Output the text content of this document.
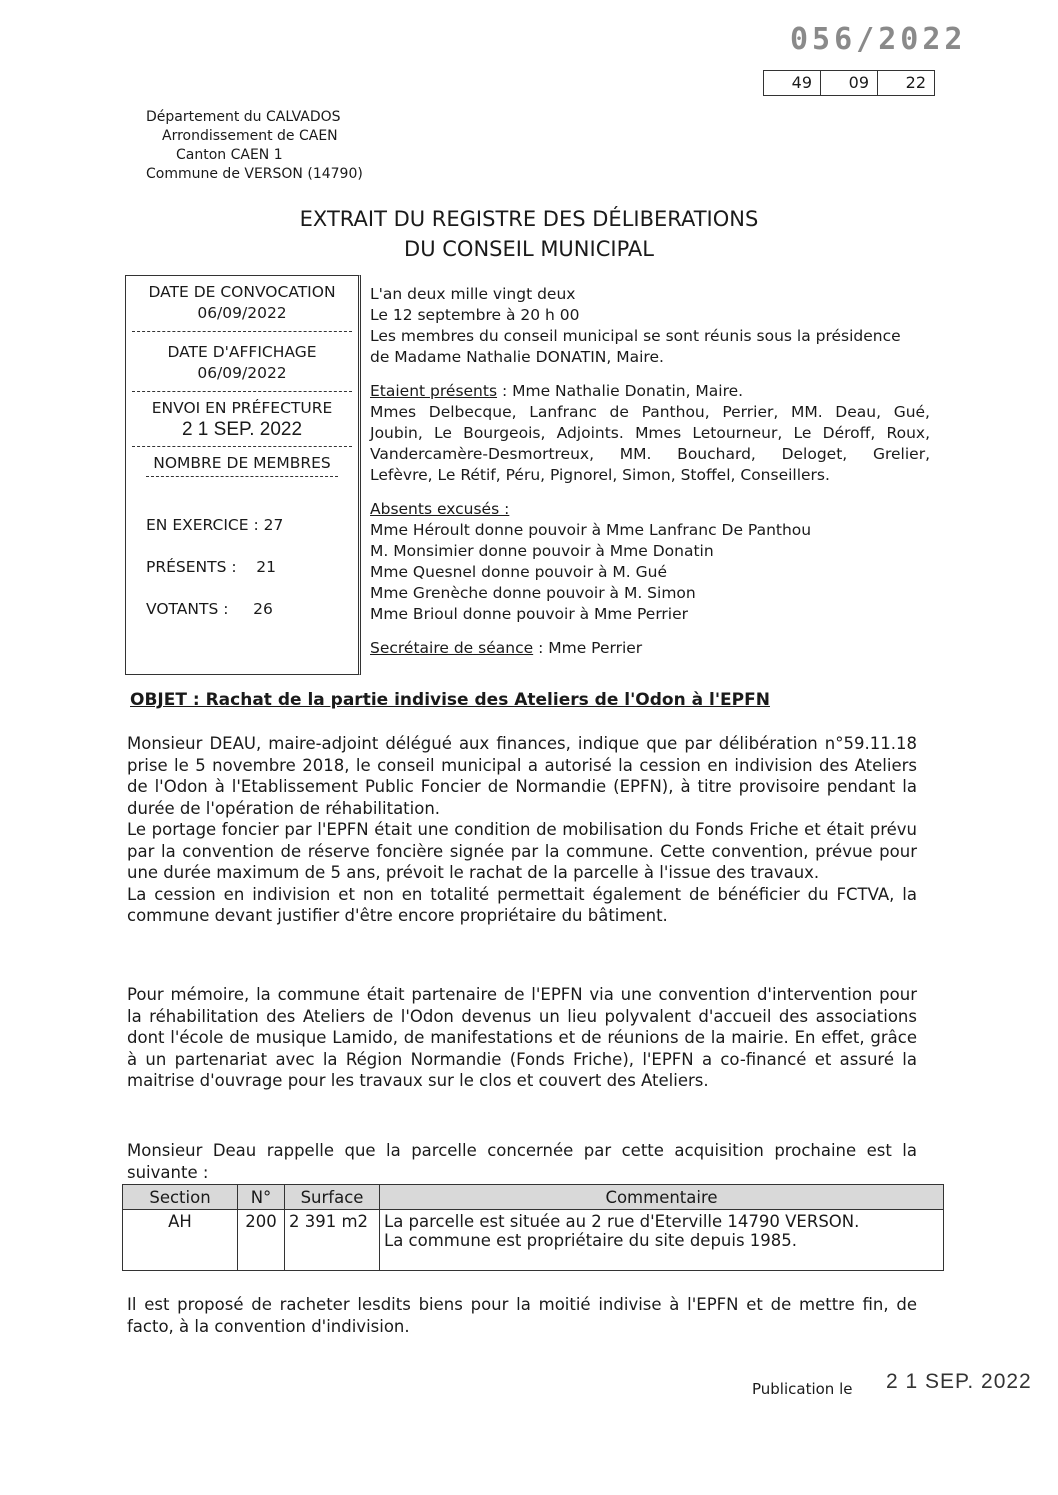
056/2022
49	09	22
Département du CALVADOS
Arrondissement de CAEN
Canton CAEN 1
Commune de VERSON (14790)
EXTRAIT DU REGISTRE DES DÉLIBERATIONS
DU CONSEIL MUNICIPAL
DATE DE CONVOCATION
06/09/2022
DATE D'AFFICHAGE
06/09/2022
ENVOI EN PRÉFECTURE
2 1 SEP. 2022
NOMBRE DE MEMBRES
EN EXERCICE : 27
PRÉSENTS :    21
VOTANTS :     26

L'an deux mille vingt deux

Le 12 septembre à 20 h 00

Les membres du conseil municipal se sont réunis sous la présidence

de Madame Nathalie DONATIN, Maire.

Etaient présents : Mme Nathalie Donatin, Maire.

Mmes Delbecque, Lanfranc de Panthou, Perrier, MM. Deau, Gué,

Joubin, Le Bourgeois, Adjoints. Mmes Letourneur, Le Déroff, Roux,

Vandercamère-Desmortreux, MM. Bouchard, Deloget, Grelier,

Lefèvre, Le Rétif, Péru, Pignorel, Simon, Stoffel, Conseillers.

Absents excusés :

Mme Héroult donne pouvoir à Mme Lanfranc De Panthou

M. Monsimier donne pouvoir à Mme Donatin

Mme Quesnel donne pouvoir à M. Gué

Mme Grenèche donne pouvoir à M. Simon

Mme Brioul donne pouvoir à Mme Perrier

Secrétaire de séance : Mme Perrier

OBJET : Rachat de la partie indivise des Ateliers de l'Odon à l'EPFN

Monsieur DEAU, maire-adjoint délégué aux finances, indique que par délibération n°59.11.18 prise le 5 novembre 2018, le conseil municipal a autorisé la cession en indivision des Ateliers de l'Odon à l'Etablissement Public Foncier de Normandie (EPFN), à titre provisoire pendant la durée de l'opération de réhabilitation.

Le portage foncier par l'EPFN était une condition de mobilisation du Fonds Friche et était prévu par la convention de réserve foncière signée par la commune. Cette convention, prévue pour une durée maximum de 5 ans, prévoit le rachat de la parcelle à l'issue des travaux.

La cession en indivision et non en totalité permettait également de bénéficier du FCTVA, la commune devant justifier d'être encore propriétaire du bâtiment.

Pour mémoire, la commune était partenaire de l'EPFN via une convention d'intervention pour la réhabilitation des Ateliers de l'Odon devenus un lieu polyvalent d'accueil des associations dont l'école de musique Lamido, de manifestations et de réunions de la mairie. En effet, grâce à un partenariat avec la Région Normandie (Fonds Friche), l'EPFN a co-financé et assuré la maitrise d'ouvrage pour les travaux sur le clos et couvert des Ateliers.

Monsieur Deau rappelle que la parcelle concernée par cette acquisition prochaine est la suivante :

Section	N°	Surface	Commentaire
AH	200	2 391 m2	La parcelle est située au 2 rue d'Eterville 14790 VERSON.
La commune est propriétaire du site depuis 1985.

Il est proposé de racheter lesdits biens pour la moitié indivise à l'EPFN et de mettre fin, de facto, à la convention d'indivision.

Publication le 2 1 SEP. 2022
